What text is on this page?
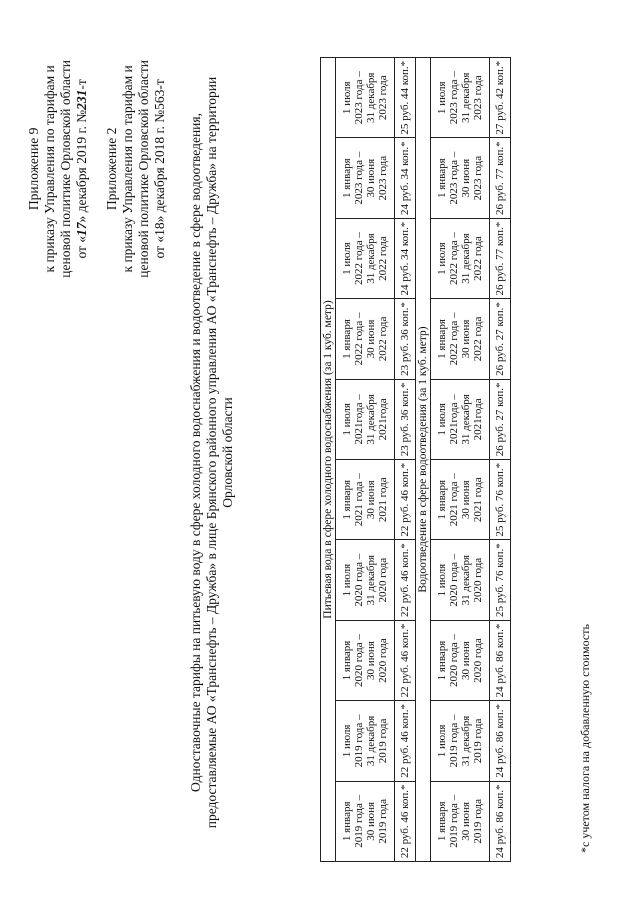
Приложение 9 к приказу Управления по тарифам и ценовой политике Орловской области от «17» декабря 2019 г. №231-т
Приложение 2 к приказу Управления по тарифам и ценовой политике Орловской области от «18» декабря 2018 г. №563-т Одноставочные тарифы на питьевую воду в сфере холодного водоснабжения и водоотведение в сфере водоотведения, предоставляемые АО «Транснефть – Дружба» в лице Брянского районного управления АО «Транснефть – Дружба» на территории Орловской области	Питьевая вода в сфере холодного водоснабжения (за 1 куб. метр)									

1 января 2019 года – 30 июня 2019 года	1 июля 2019 года – 31 декабря 2019 года	1 января 2020 года – 30 июня 2020 года	1 июля 2020 года – 31 декабря 2020 года	1 января 2021 года – 30 июня 2021 года	1 июля 2021года – 31 декабря 2021года	1 января 2022 года – 30 июня 2022 года	1 июля 2022 года – 31 декабря 2022 года	1 января 2023 года – 30 июня 2023 года	1 июля 2023 года – 31 декабря 2023 года

22 руб. 46 коп.*	22 руб. 46 коп.*	22 руб. 46 коп.*	22 руб. 46 коп.*	22 руб. 46 коп.*	23 руб. 36 коп.*	23 руб. 36 коп.*	24 руб. 34 коп.*	24 руб. 34 коп.*	25 руб. 44 коп.*
Водоотведение в сфере водоотведения (за 1 куб. метр)									

1 января 2019 года – 30 июня 2019 года	1 июля 2019 года – 31 декабря 2019 года	1 января 2020 года – 30 июня 2020 года	1 июля 2020 года – 31 декабря 2020 года	1 января 2021 года – 30 июня 2021 года	1 июля 2021года – 31 декабря 2021года	1 января 2022 года – 30 июня 2022 года	1 июля 2022 года – 31 декабря 2022 года	1 января 2023 года – 30 июня 2023 года	1 июля 2023 года – 31 декабря 2023 года

24 руб. 86 коп.*	24 руб. 86 коп.*	24 руб. 86 коп.*	25 руб. 76 коп.*	25 руб. 76 коп.*	26 руб. 27 коп.*	26 руб. 27 коп.*	26 руб. 77 коп.*	26 руб. 77 коп.*	27 руб. 42 коп.*
*с учетом налога на добавленную стоимость
